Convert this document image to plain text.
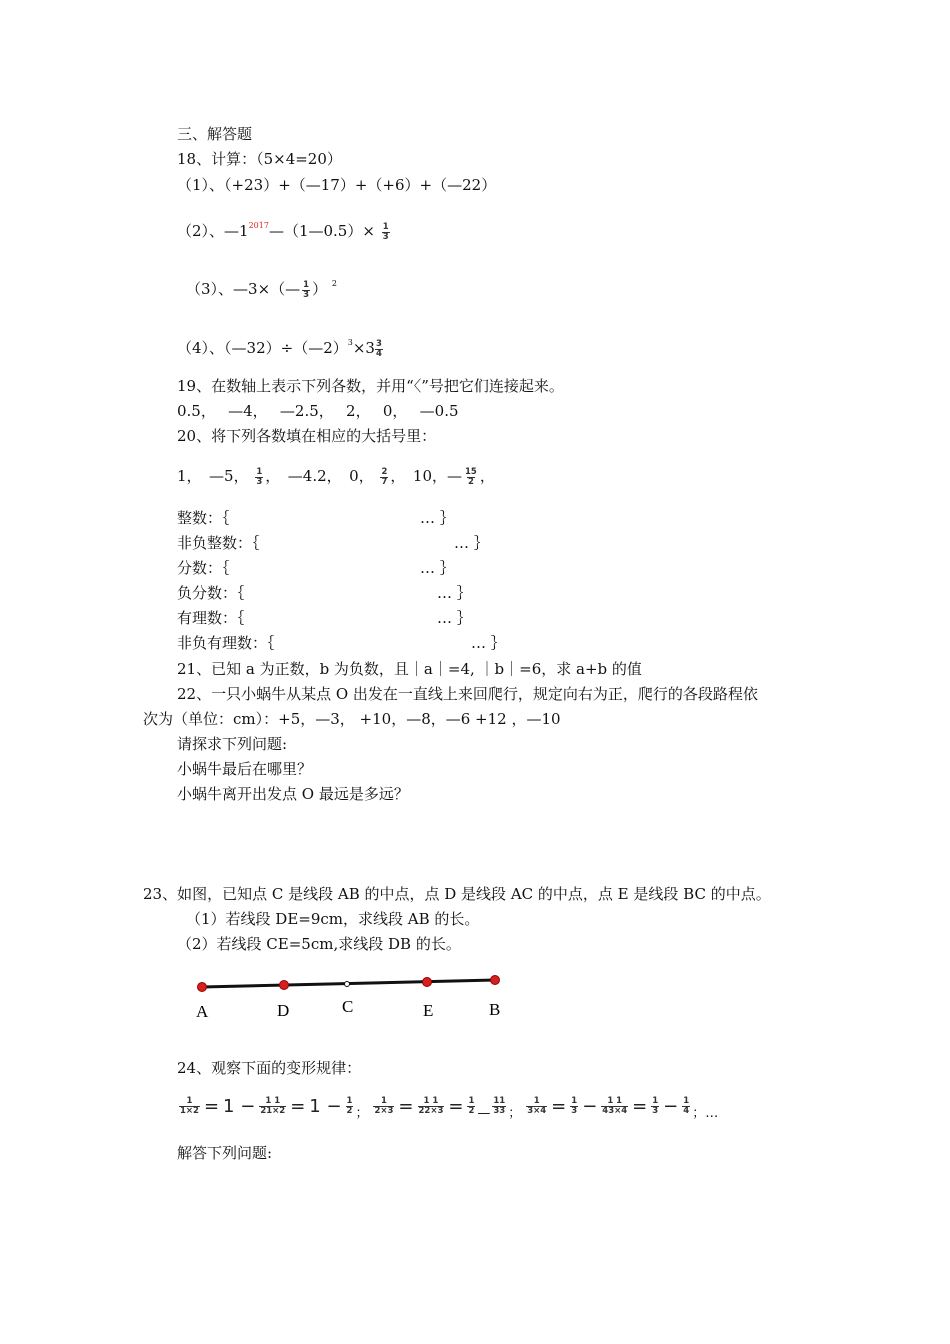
三、解答题
18、计算：（5×4=20）
（1）、（+23）+（—17）+（+6）+（—22）
（2）、$—1^{2017}—(1—0.5)\times \frac{1}{3}$
（3）、—3×（— $\frac{1}{3}$ ） $^2$
（4）、（—32）÷（—2）$^3$×3 $\frac{3}{4}$
19、在数轴上表示下列各数，并用“〈”号把它们连接起来。
0.5，　 —4，　 —2.5，　 2，　 0，　 —0.5
20、将下列各数填在相应的大括号里：
1，　—5， $\frac{1}{3}$ ，　—4.2，　0， $\frac{2}{7}$ ，　10，— $\frac{15}{2}$ ，
整数：｛	… ｝
非负整数：｛	… ｝
分数：｛	… ｝
负分数：｛	… ｝
有理数：｛	… ｝
非负有理数：｛	… ｝
21、已知 a 为正数，b 为负数，且｜a｜=4, ｜b｜=6，求 a+b 的值
22、一只小蜗牛从某点 O 出发在一直线上来回爬行，规定向右为正，爬行的各段路程依
次为（单位：cm）：+5，—3， +10，—8，—6 +12 ，—10
请探求下列问题:
小蜗牛最后在哪里？
小蜗牛离开出发点 O 最远是多远？
23、如图，已知点 C 是线段 AB 的中点，点 D 是线段 AC 的中点，点 E 是线段 BC 的中点。
（1）若线段 DE=9cm，求线段 AB 的长。
（2）若线段 CE=5cm,求线段 DB 的长。
A	D	C	E	B
24、观察下面的变形规律：
$\frac{1}{1\times 2} = 1 - \frac{1 1}{21\times 2} = 1 - \frac{1}{2}$ ； $\frac{1}{2\times 3} = \frac{1 1}{22\times 3} = \frac{1}{2}$ — $\frac{11}{33}$ ； $\frac{1}{3\times 4} = \frac{1}{3} - \frac{1 1}{43\times 4} = \frac{1}{3} - \frac{1}{4}$ ；…
解答下列问题:
